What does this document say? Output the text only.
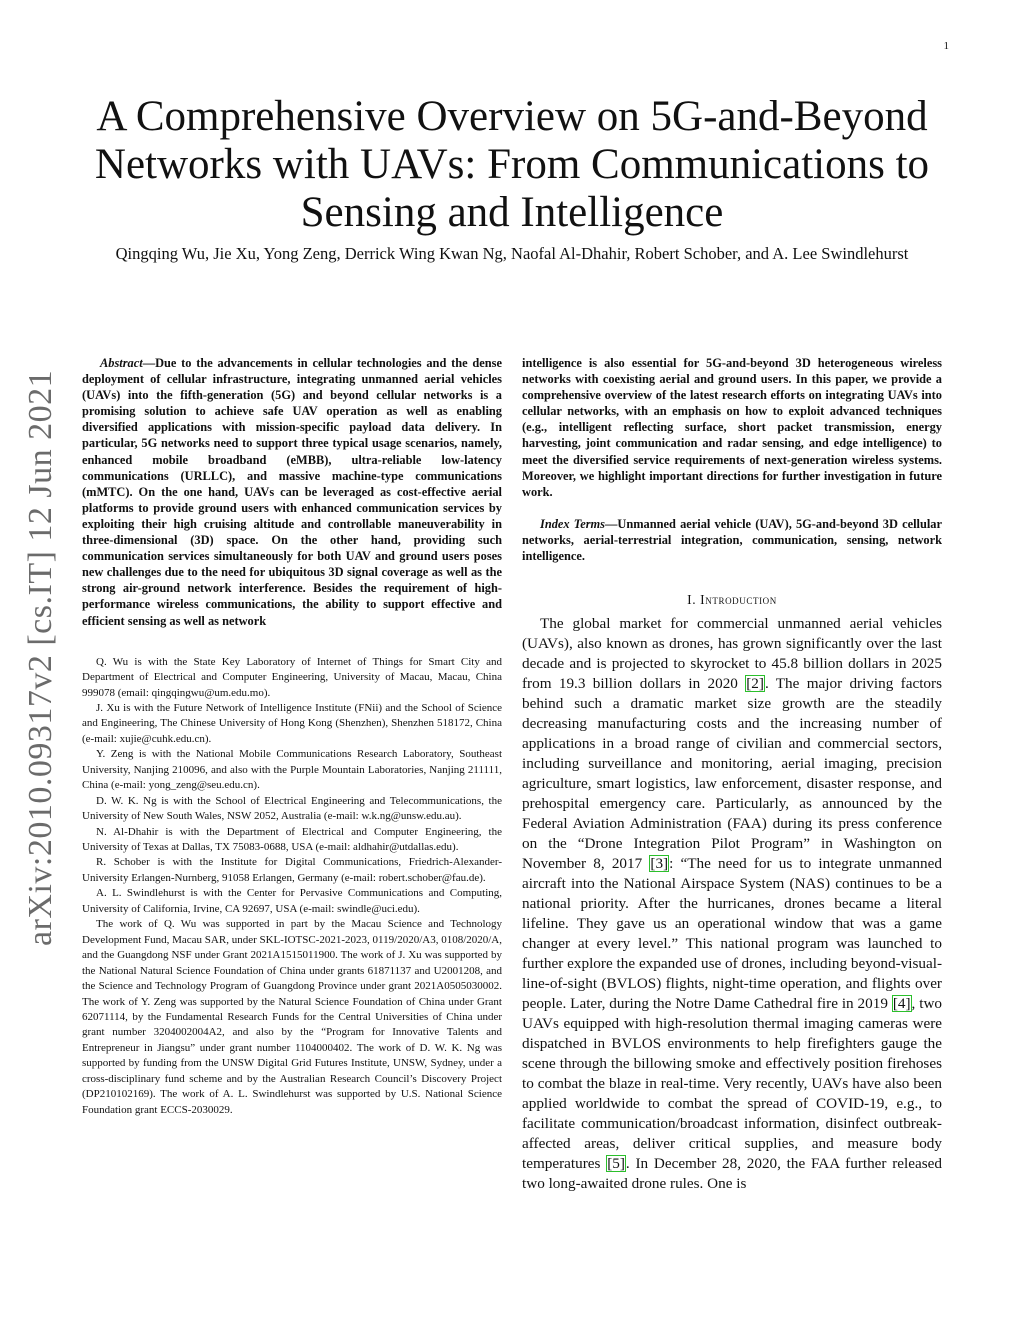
1
arXiv:2010.09317v2 [cs.IT] 12 Jun 2021
A Comprehensive Overview on 5G-and-Beyond Networks with UAVs: From Communications to Sensing and Intelligence
Qingqing Wu, Jie Xu, Yong Zeng, Derrick Wing Kwan Ng, Naofal Al-Dhahir, Robert Schober, and A. Lee Swindlehurst

Abstract—Due to the advancements in cellular technologies and the dense deployment of cellular infrastructure, integrating unmanned aerial vehicles (UAVs) into the fifth-generation (5G) and beyond cellular networks is a promising solution to achieve safe UAV operation as well as enabling diversified applications with mission-specific payload data delivery. In particular, 5G networks need to support three typical usage scenarios, namely, enhanced mobile broadband (eMBB), ultra-reliable low-latency communications (URLLC), and massive machine-type communications (mMTC). On the one hand, UAVs can be leveraged as cost-effective aerial platforms to provide ground users with enhanced communication services by exploiting their high cruising altitude and controllable maneuverability in three-dimensional (3D) space. On the other hand, providing such communication services simultaneously for both UAV and ground users poses new challenges due to the need for ubiquitous 3D signal coverage as well as the strong air-ground network interference. Besides the requirement of high-performance wireless communications, the ability to support effective and efficient sensing as well as network

Q. Wu is with the State Key Laboratory of Internet of Things for Smart City and Department of Electrical and Computer Engineering, University of Macau, Macau, China 999078 (email: qingqingwu@um.edu.mo).

J. Xu is with the Future Network of Intelligence Institute (FNii) and the School of Science and Engineering, The Chinese University of Hong Kong (Shenzhen), Shenzhen 518172, China (e-mail: xujie@cuhk.edu.cn).

Y. Zeng is with the National Mobile Communications Research Laboratory, Southeast University, Nanjing 210096, and also with the Purple Mountain Laboratories, Nanjing 211111, China (e-mail: yong_zeng@seu.edu.cn).

D. W. K. Ng is with the School of Electrical Engineering and Telecommunications, the University of New South Wales, NSW 2052, Australia (e-mail: w.k.ng@unsw.edu.au).

N. Al-Dhahir is with the Department of Electrical and Computer Engineering, the University of Texas at Dallas, TX 75083-0688, USA (e-mail: aldhahir@utdallas.edu).

R. Schober is with the Institute for Digital Communications, Friedrich-Alexander-University Erlangen-Nurnberg, 91058 Erlangen, Germany (e-mail: robert.schober@fau.de).

A. L. Swindlehurst is with the Center for Pervasive Communications and Computing, University of California, Irvine, CA 92697, USA (e-mail: swindle@uci.edu).

The work of Q. Wu was supported in part by the Macau Science and Technology Development Fund, Macau SAR, under SKL-IOTSC-2021-2023, 0119/2020/A3, 0108/2020/A, and the Guangdong NSF under Grant 2021A1515011900. The work of J. Xu was supported by the National Natural Science Foundation of China under grants 61871137 and U2001208, and the Science and Technology Program of Guangdong Province under grant 2021A0505030002. The work of Y. Zeng was supported by the Natural Science Foundation of China under Grant 62071114, by the Fundamental Research Funds for the Central Universities of China under grant number 3204002004A2, and also by the “Program for Innovative Talents and Entrepreneur in Jiangsu” under grant number 1104000402. The work of D. W. K. Ng was supported by funding from the UNSW Digital Grid Futures Institute, UNSW, Sydney, under a cross-disciplinary fund scheme and by the Australian Research Council’s Discovery Project (DP210102169). The work of A. L. Swindlehurst was supported by U.S. National Science Foundation grant ECCS-2030029.

intelligence is also essential for 5G-and-beyond 3D heterogeneous wireless networks with coexisting aerial and ground users. In this paper, we provide a comprehensive overview of the latest research efforts on integrating UAVs into cellular networks, with an emphasis on how to exploit advanced techniques (e.g., intelligent reflecting surface, short packet transmission, energy harvesting, joint communication and radar sensing, and edge intelligence) to meet the diversified service requirements of next-generation wireless systems. Moreover, we highlight important directions for further investigation in future work.

Index Terms—Unmanned aerial vehicle (UAV), 5G-and-beyond 3D cellular networks, aerial-terrestrial integration, communication, sensing, network intelligence.

I. Introduction

The global market for commercial unmanned aerial vehicles (UAVs), also known as drones, has grown significantly over the last decade and is projected to skyrocket to 45.8 billion dollars in 2025 from 19.3 billion dollars in 2020 [2]. The major driving factors behind such a dramatic market size growth are the steadily decreasing manufacturing costs and the increasing number of applications in a broad range of civilian and commercial sectors, including surveillance and monitoring, aerial imaging, precision agriculture, smart logistics, law enforcement, disaster response, and prehospital emergency care. Particularly, as announced by the Federal Aviation Administration (FAA) during its press conference on the “Drone Integration Pilot Program” in Washington on November 8, 2017 [3]: “The need for us to integrate unmanned aircraft into the National Airspace System (NAS) continues to be a national priority. After the hurricanes, drones became a literal lifeline. They gave us an operational window that was a game changer at every level.” This national program was launched to further explore the expanded use of drones, including beyond-visual-line-of-sight (BVLOS) flights, night-time operation, and flights over people. Later, during the Notre Dame Cathedral fire in 2019 [4], two UAVs equipped with high-resolution thermal imaging cameras were dispatched in BVLOS environments to help firefighters gauge the scene through the billowing smoke and effectively position firehoses to combat the blaze in real-time. Very recently, UAVs have also been applied worldwide to combat the spread of COVID-19, e.g., to facilitate communication/broadcast information, disinfect outbreak-affected areas, deliver critical supplies, and measure body temperatures [5]. In December 28, 2020, the FAA further released two long-awaited drone rules. One is
